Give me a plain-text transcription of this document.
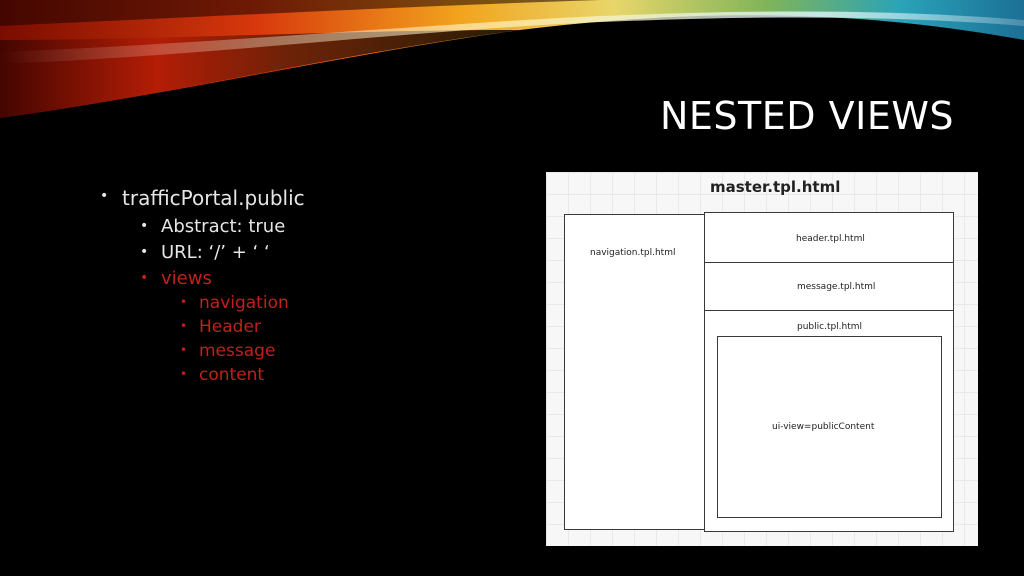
NESTED VIEWS
• trafficPortal.public
• Abstract: true
• URL: ‘/’ + ‘ ‘
• views
• navigation
• Header
• message
• content
master.tpl.html
navigation.tpl.html
header.tpl.html
message.tpl.html
public.tpl.html
ui-view=publicContent
